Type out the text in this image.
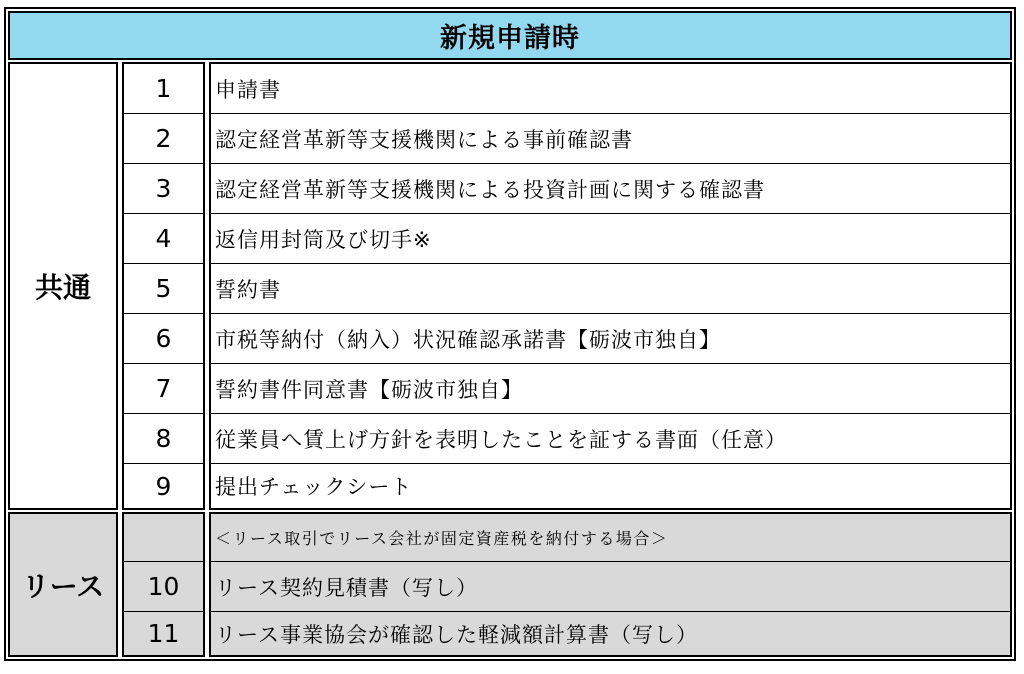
新規申請時
共通
1
2
3
4
5
6
7
8
9
申請書
認定経営革新等支援機関による事前確認書
認定経営革新等支援機関による投資計画に関する確認書
返信用封筒及び切手※
誓約書
市税等納付（納入）状況確認承諾書【砺波市独自】
誓約書件同意書【砺波市独自】
従業員へ賃上げ方針を表明したことを証する書面（任意）
提出チェックシート
リース	10
11
＜リース取引でリース会社が固定資産税を納付する場合＞
リース契約見積書（写し）
リース事業協会が確認した軽減額計算書（写し）
